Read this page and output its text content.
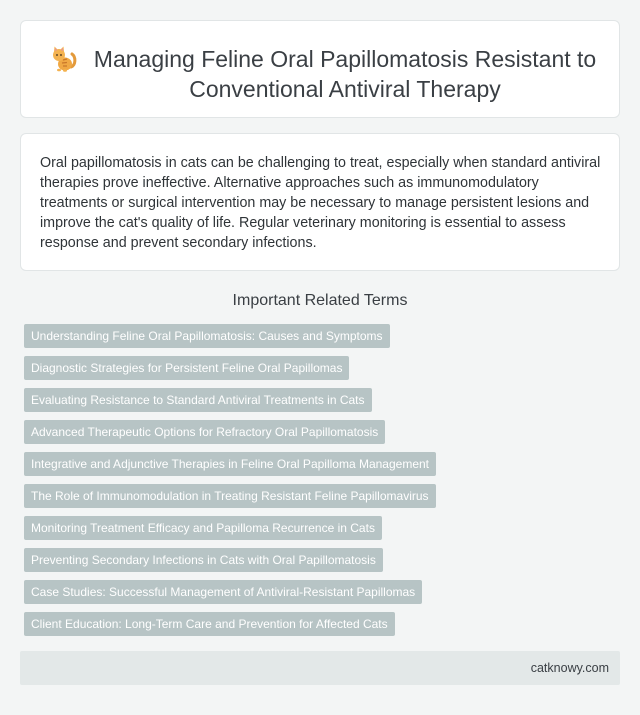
Managing Feline Oral Papillomatosis Resistant to Conventional Antiviral Therapy

Oral papillomatosis in cats can be challenging to treat, especially when standard antiviral therapies prove ineffective. Alternative approaches such as immunomodulatory treatments or surgical intervention may be necessary to manage persistent lesions and improve the cat's quality of life. Regular veterinary monitoring is essential to assess response and prevent secondary infections.

Important Related Terms
Understanding Feline Oral Papillomatosis: Causes and Symptoms
Diagnostic Strategies for Persistent Feline Oral Papillomas
Evaluating Resistance to Standard Antiviral Treatments in Cats
Advanced Therapeutic Options for Refractory Oral Papillomatosis
Integrative and Adjunctive Therapies in Feline Oral Papilloma Management
The Role of Immunomodulation in Treating Resistant Feline Papillomavirus
Monitoring Treatment Efficacy and Papilloma Recurrence in Cats
Preventing Secondary Infections in Cats with Oral Papillomatosis
Case Studies: Successful Management of Antiviral-Resistant Papillomas
Client Education: Long-Term Care and Prevention for Affected Cats
catknowy.com
